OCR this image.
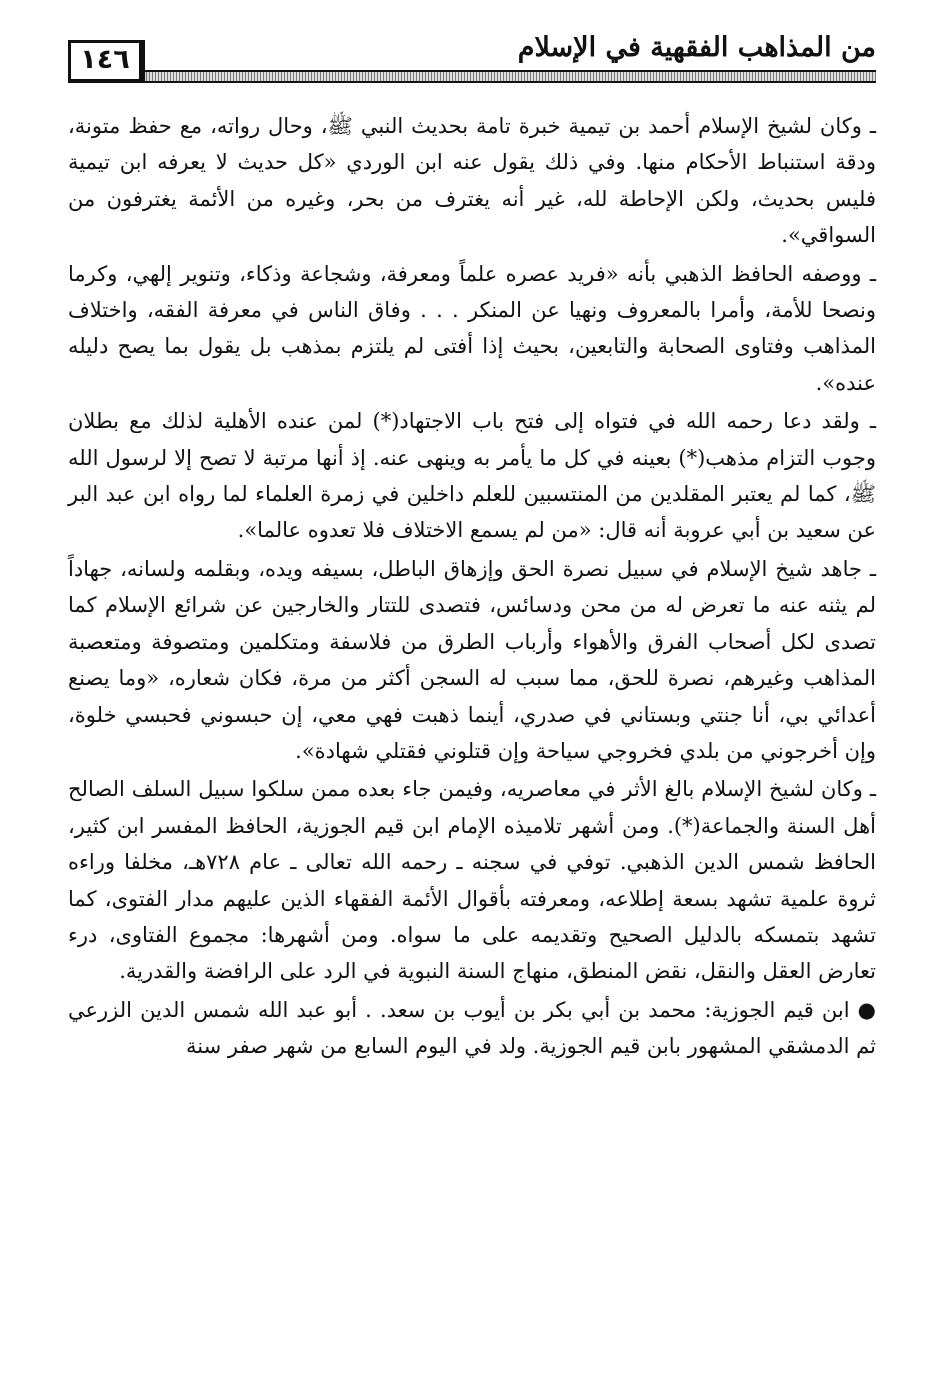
من المذاهب الفقهية في الإسلام
١٤٦

ـ وكان لشيخ الإسلام أحمد بن تيمية خبرة تامة بحديث النبي ﷺ، وحال رواته، مع حفظ متونة، ودقة استنباط الأحكام منها. وفي ذلك يقول عنه ابن الوردي «كل حديث لا يعرفه ابن تيمية فليس بحديث، ولكن الإحاطة لله، غير أنه يغترف من بحر، وغيره من الأئمة يغترفون من السواقي».

ـ ووصفه الحافظ الذهبي بأنه «فريد عصره علماً ومعرفة، وشجاعة وذكاء، وتنوير إلهي، وكرما ونصحا للأمة، وأمرا بالمعروف ونهيا عن المنكر . . . وفاق الناس في معرفة الفقه، واختلاف المذاهب وفتاوى الصحابة والتابعين، بحيث إذا أفتى لم يلتزم بمذهب بل يقول بما يصح دليله عنده».

ـ ولقد دعا رحمه الله في فتواه إلى فتح باب الاجتهاد(*) لمن عنده الأهلية لذلك مع بطلان وجوب التزام مذهب(*) بعينه في كل ما يأمر به وينهى عنه. إذ أنها مرتبة لا تصح إلا لرسول الله ﷺ، كما لم يعتبر المقلدين من المنتسبين للعلم داخلين في زمرة العلماء لما رواه ابن عبد البر عن سعيد بن أبي عروبة أنه قال: «من لم يسمع الاختلاف فلا تعدوه عالما».

ـ جاهد شيخ الإسلام في سبيل نصرة الحق وإزهاق الباطل، بسيفه ويده، وبقلمه ولسانه، جهاداً لم يثنه عنه ما تعرض له من محن ودسائس، فتصدى للتتار والخارجين عن شرائع الإسلام كما تصدى لكل أصحاب الفرق والأهواء وأرباب الطرق من فلاسفة ومتكلمين ومتصوفة ومتعصبة المذاهب وغيرهم، نصرة للحق، مما سبب له السجن أكثر من مرة، فكان شعاره، «وما يصنع أعدائي بي، أنا جنتي وبستاني في صدري، أينما ذهبت فهي معي، إن حبسوني فحبسي خلوة، وإن أخرجوني من بلدي فخروجي سياحة وإن قتلوني فقتلي شهادة».

ـ وكان لشيخ الإسلام بالغ الأثر في معاصريه، وفيمن جاء بعده ممن سلكوا سبيل السلف الصالح أهل السنة والجماعة(*). ومن أشهر تلاميذه الإمام ابن قيم الجوزية، الحافظ المفسر ابن كثير، الحافظ شمس الدين الذهبي. توفي في سجنه ـ رحمه الله تعالى ـ عام ٧٢٨هـ، مخلفا وراءه ثروة علمية تشهد بسعة إطلاعه، ومعرفته بأقوال الأئمة الفقهاء الذين عليهم مدار الفتوى، كما تشهد بتمسكه بالدليل الصحيح وتقديمه على ما سواه. ومن أشهرها: مجموع الفتاوى، درء تعارض العقل والنقل، نقض المنطق، منهاج السنة النبوية في الرد على الرافضة والقدرية.

● ابن قيم الجوزية: محمد بن أبي بكر بن أيوب بن سعد. . أبو عبد الله شمس الدين الزرعي ثم الدمشقي المشهور بابن قيم الجوزية. ولد في اليوم السابع من شهر صفر سنة
